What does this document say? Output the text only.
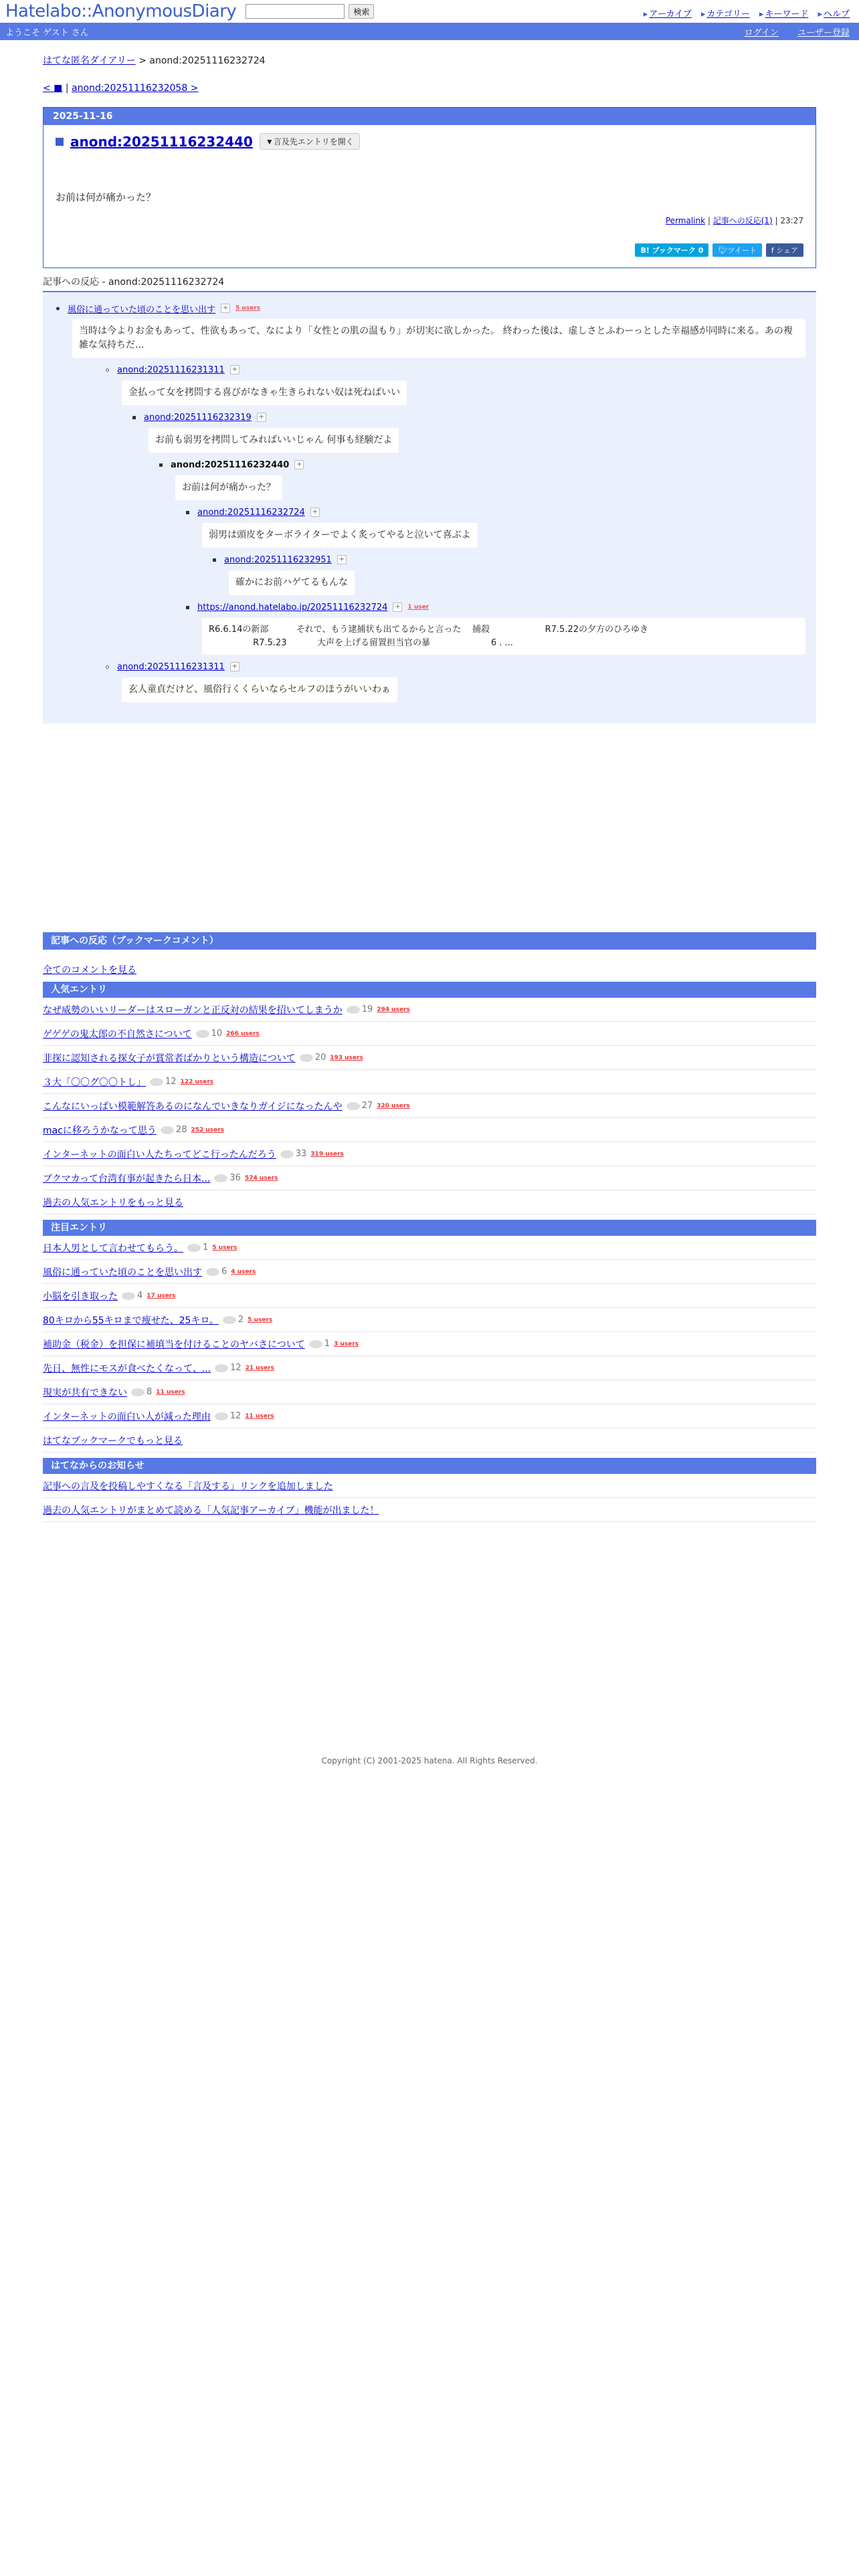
Hatelabo::AnonymousDiary	検索	▸ アーカイブ	▸ カテゴリー	▸ キーワード	▸ ヘルプ
ようこそ ゲスト さん	ログイン ユーザー登録
はてな匿名ダイアリー > anond:20251116232724
< ■ | anond:20251116232058 >
2025-11-16
anond:20251116232440	▼言及先エントリを開く
お前は何が痛かった？
Permalink | 記事への反応(1) | 23:27
B! ブックマーク 0	🐦︎ ツイート f シェア
記事への反応 - anond:20251116232724
風俗に通っていた頃のことを思い出す +	5 users
当時は今よりお金もあって、性欲もあって、なにより「女性との肌の温もり」が切実に欲しかった。 終わった後は、虚しさとふわーっとした幸福感が同時に来る。あの複雑な気持ちだ...
anond:20251116231311 +
金払って女を拷問する喜びがなきゃ生きられない奴は死ねばいい
anond:20251116232319 +
お前も弱男を拷問してみればいいじゃん 何事も経験だよ
anond:20251116232440 +
お前は何が痛かった？
anond:20251116232724 +
弱男は頭皮をターボライターでよく炙ってやると泣いて喜ぶよ
anond:20251116232951 +
確かにお前ハゲてるもんな
https://anond.hatelabo.jp/20251116232724 +	1 user
R6.6.14の新部          それで、もう逮捕状も出てるからと言った    捕殺                    R7.5.22の夕方のひろゆき
R7.5.23           大声を上げる留置担当官の暴                      6 . ...
anond:20251116231311 +
玄人童貞だけど、風俗行くくらいならセルフのほうがいいわぁ
記事への反応（ブックマークコメント）
全てのコメントを見る
人気エントリ
なぜ威勢のいいリーダーはスローガンと正反対の結果を招いてしまうか 19 294 users
ゲゲゲの鬼太郎の不自然さについて 10 266 users
非探に認知される探女子が賞常者ばかりという構造について 20 193 users
３大「〇〇グ〇〇トし」 12 122 users
こんなにいっぱい模範解答あるのになんでいきなりガイジになったんや 27 320 users
macに移ろうかなって思う 28 252 users
インターネットの面白い人たちってどこ行ったんだろう 33 319 users
ブクマカって台湾有事が起きたら日本... 36 574 users
過去の人気エントリをもっと見る
注目エントリ
日本人男として言わせてもらう。 1 5 users
風俗に通っていた頃のことを思い出す 6 4 users
小脳を引き取った 4 17 users
80キロから55キロまで痩せた、25キロ。 2 5 users
補助金（税金）を担保に補填当を付けることのヤバさについて 1 3 users
先日、無性にモスが食べたくなって、... 12 21 users
現実が共有できない 8 11 users
インターネットの面白い人が減った理由 12 11 users
はてなブックマークでもっと見る
はてなからのお知らせ
記事への言及を投稿しやすくなる「言及する」リンクを追加しました
過去の人気エントリがまとめて読める「人気記事アーカイブ」機能が出ました！
Copyright (C) 2001-2025 hatena. All Rights Reserved.
